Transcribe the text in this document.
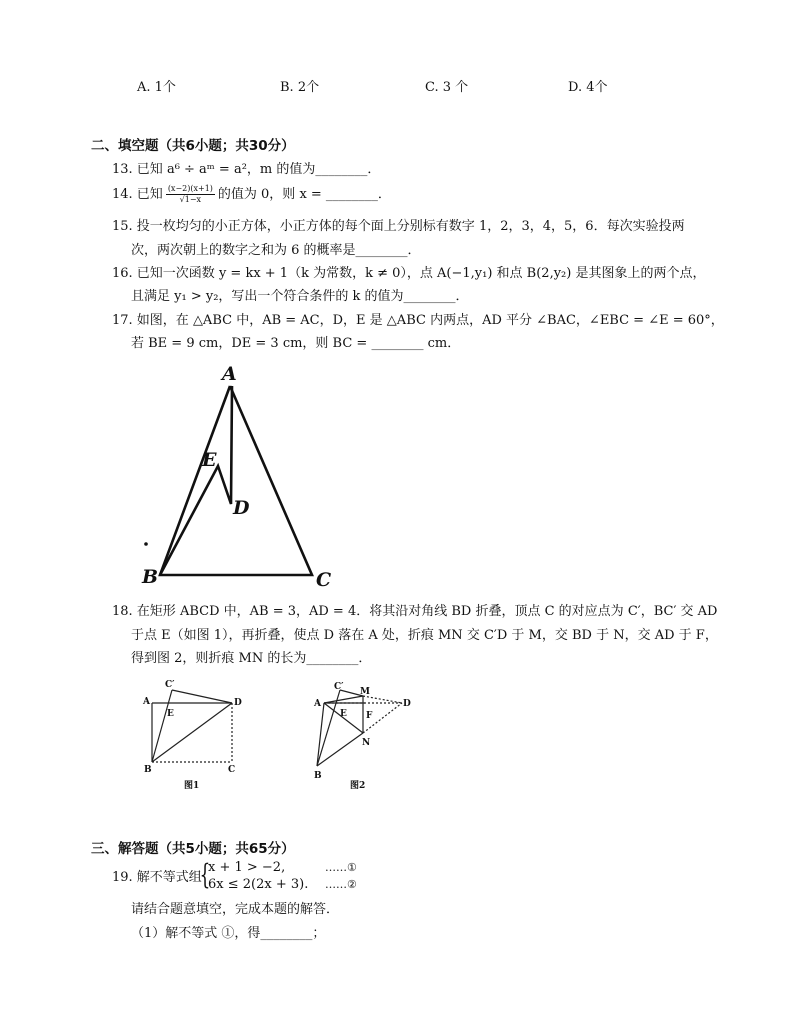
A. 1个	B. 2个	C. 3 个	D. 4个
二、填空题（共6小题；共30分）
13. 已知 a⁶ ÷ aᵐ = a²，m 的值为________．
14. 已知 $\frac{(x-2)(x+1)}{√1-x}$ 的值为 0，则 x = ________．
15. 投一枚均匀的小正方体，小正方体的每个面上分别标有数字 1，2，3，4，5，6．每次实验投两
次，两次朝上的数字之和为 6 的概率是________．
16. 已知一次函数 y = kx + 1（k 为常数，k ≠ 0），点 A(−1,y₁) 和点 B(2,y₂) 是其图象上的两个点，
且满足 y₁ > y₂，写出一个符合条件的 k 的值为________．
17. 如图，在 △ABC 中，AB = AC，D，E 是 △ABC 内两点，AD 平分 ∠BAC，∠EBC = ∠E = 60°，
若 BE = 9 cm，DE = 3 cm，则 BC = ________ cm．
A
B	C
D
E
18. 在矩形 ABCD 中，AB = 3，AD = 4．将其沿对角线 BD 折叠，顶点 C 的对应点为 C′，BC′ 交 AD
于点 E（如图 1），再折叠，使点 D 落在 A 处，折痕 MN 交 C′D 于 M，交 BD 于 N，交 AD 于 F，
得到图 2，则折痕 MN 的长为________．
A
B	C
C′
D
E
图1
A
B
C′
D
E
M
F
N
图2
三、解答题（共5小题；共65分）
19. 解不等式组
{
x + 1 > −2,
6x ≤ 2(2x + 3).
……①
……②
请结合题意填空，完成本题的解答．
（1）解不等式 ①，得________；
